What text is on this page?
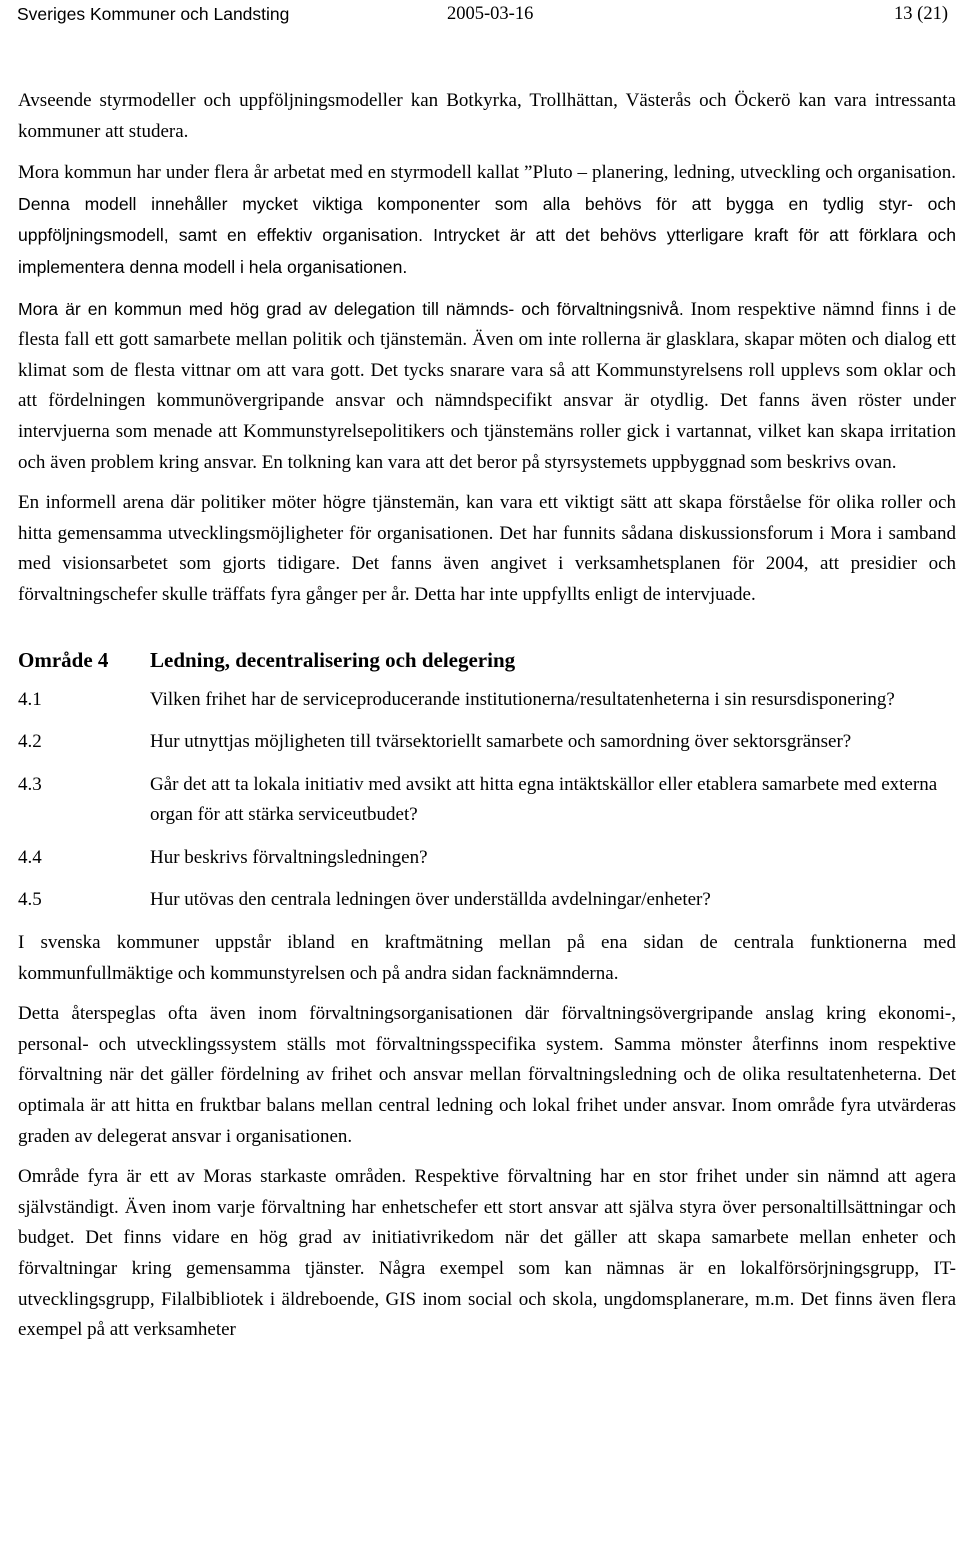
Sveriges Kommuner och Landsting	2005-03-16	13 (21)

Avseende styrmodeller och uppföljningsmodeller kan Botkyrka, Trollhättan, Västerås och Öckerö kan vara intressanta kommuner att studera.

Mora kommun har under flera år arbetat med en styrmodell kallat ”Pluto – planering, ledning, utveckling och organisation. Denna modell innehåller mycket viktiga komponenter som alla behövs för att bygga en tydlig styr- och uppföljningsmodell, samt en effektiv organisation. Intrycket är att det behövs ytterligare kraft för att förklara och implementera denna modell i hela organisationen.

Mora är en kommun med hög grad av delegation till nämnds- och förvaltningsnivå. Inom respektive nämnd finns i de flesta fall ett gott samarbete mellan politik och tjänstemän. Även om inte rollerna är glasklara, skapar möten och dialog ett klimat som de flesta vittnar om att vara gott. Det tycks snarare vara så att Kommunstyrelsens roll upplevs som oklar och att fördelningen kommunövergripande ansvar och nämndspecifikt ansvar är otydlig. Det fanns även röster under intervjuerna som menade att Kommunstyrelsepolitikers och tjänstemäns roller gick i vartannat, vilket kan skapa irritation och även problem kring ansvar. En tolkning kan vara att det beror på styrsystemets uppbyggnad som beskrivs ovan.

En informell arena där politiker möter högre tjänstemän, kan vara ett viktigt sätt att skapa förståelse för olika roller och hitta gemensamma utvecklingsmöjligheter för organisationen. Det har funnits sådana diskussionsforum i Mora i samband med visionsarbetet som gjorts tidigare. Det fanns även angivet i verksamhetsplanen för 2004, att presidier och förvaltningschefer skulle träffats fyra gånger per år. Detta har inte uppfyllts enligt de intervjuade.

Område 4	Ledning, decentralisering och delegering
4.1	Vilken frihet har de serviceproducerande institutionerna/resultatenheterna i sin resursdisponering?
4.2	Hur utnyttjas möjligheten till tvärsektoriellt samarbete och samordning över sektorsgränser?
4.3	Går det att ta lokala initiativ med avsikt att hitta egna intäktskällor eller etablera samarbete med externa organ för att stärka serviceutbudet?
4.4	Hur beskrivs förvaltningsledningen?
4.5	Hur utövas den centrala ledningen över underställda avdelningar/enheter?

I svenska kommuner uppstår ibland en kraftmätning mellan på ena sidan de centrala funktionerna med kommunfullmäktige och kommunstyrelsen och på andra sidan facknämnderna.

Detta återspeglas ofta även inom förvaltningsorganisationen där förvaltningsövergripande anslag kring ekonomi-, personal- och utvecklingssystem ställs mot förvaltningsspecifika system. Samma mönster återfinns inom respektive förvaltning när det gäller fördelning av frihet och ansvar mellan förvaltningsledning och de olika resultatenheterna. Det optimala är att hitta en fruktbar balans mellan central ledning och lokal frihet under ansvar. Inom område fyra utvärderas graden av delegerat ansvar i organisationen.

Område fyra är ett av Moras starkaste områden. Respektive förvaltning har en stor frihet under sin nämnd att agera självständigt. Även inom varje förvaltning har enhetschefer ett stort ansvar att själva styra över personaltillsättningar och budget. Det finns vidare en hög grad av initiativrikedom när det gäller att skapa samarbete mellan enheter och förvaltningar kring gemensamma tjänster. Några exempel som kan nämnas är en lokalförsörjningsgrupp, IT-utvecklingsgrupp, Filalbibliotek i äldreboende, GIS inom social och skola, ungdomsplanerare, m.m. Det finns även flera exempel på att verksamheter
